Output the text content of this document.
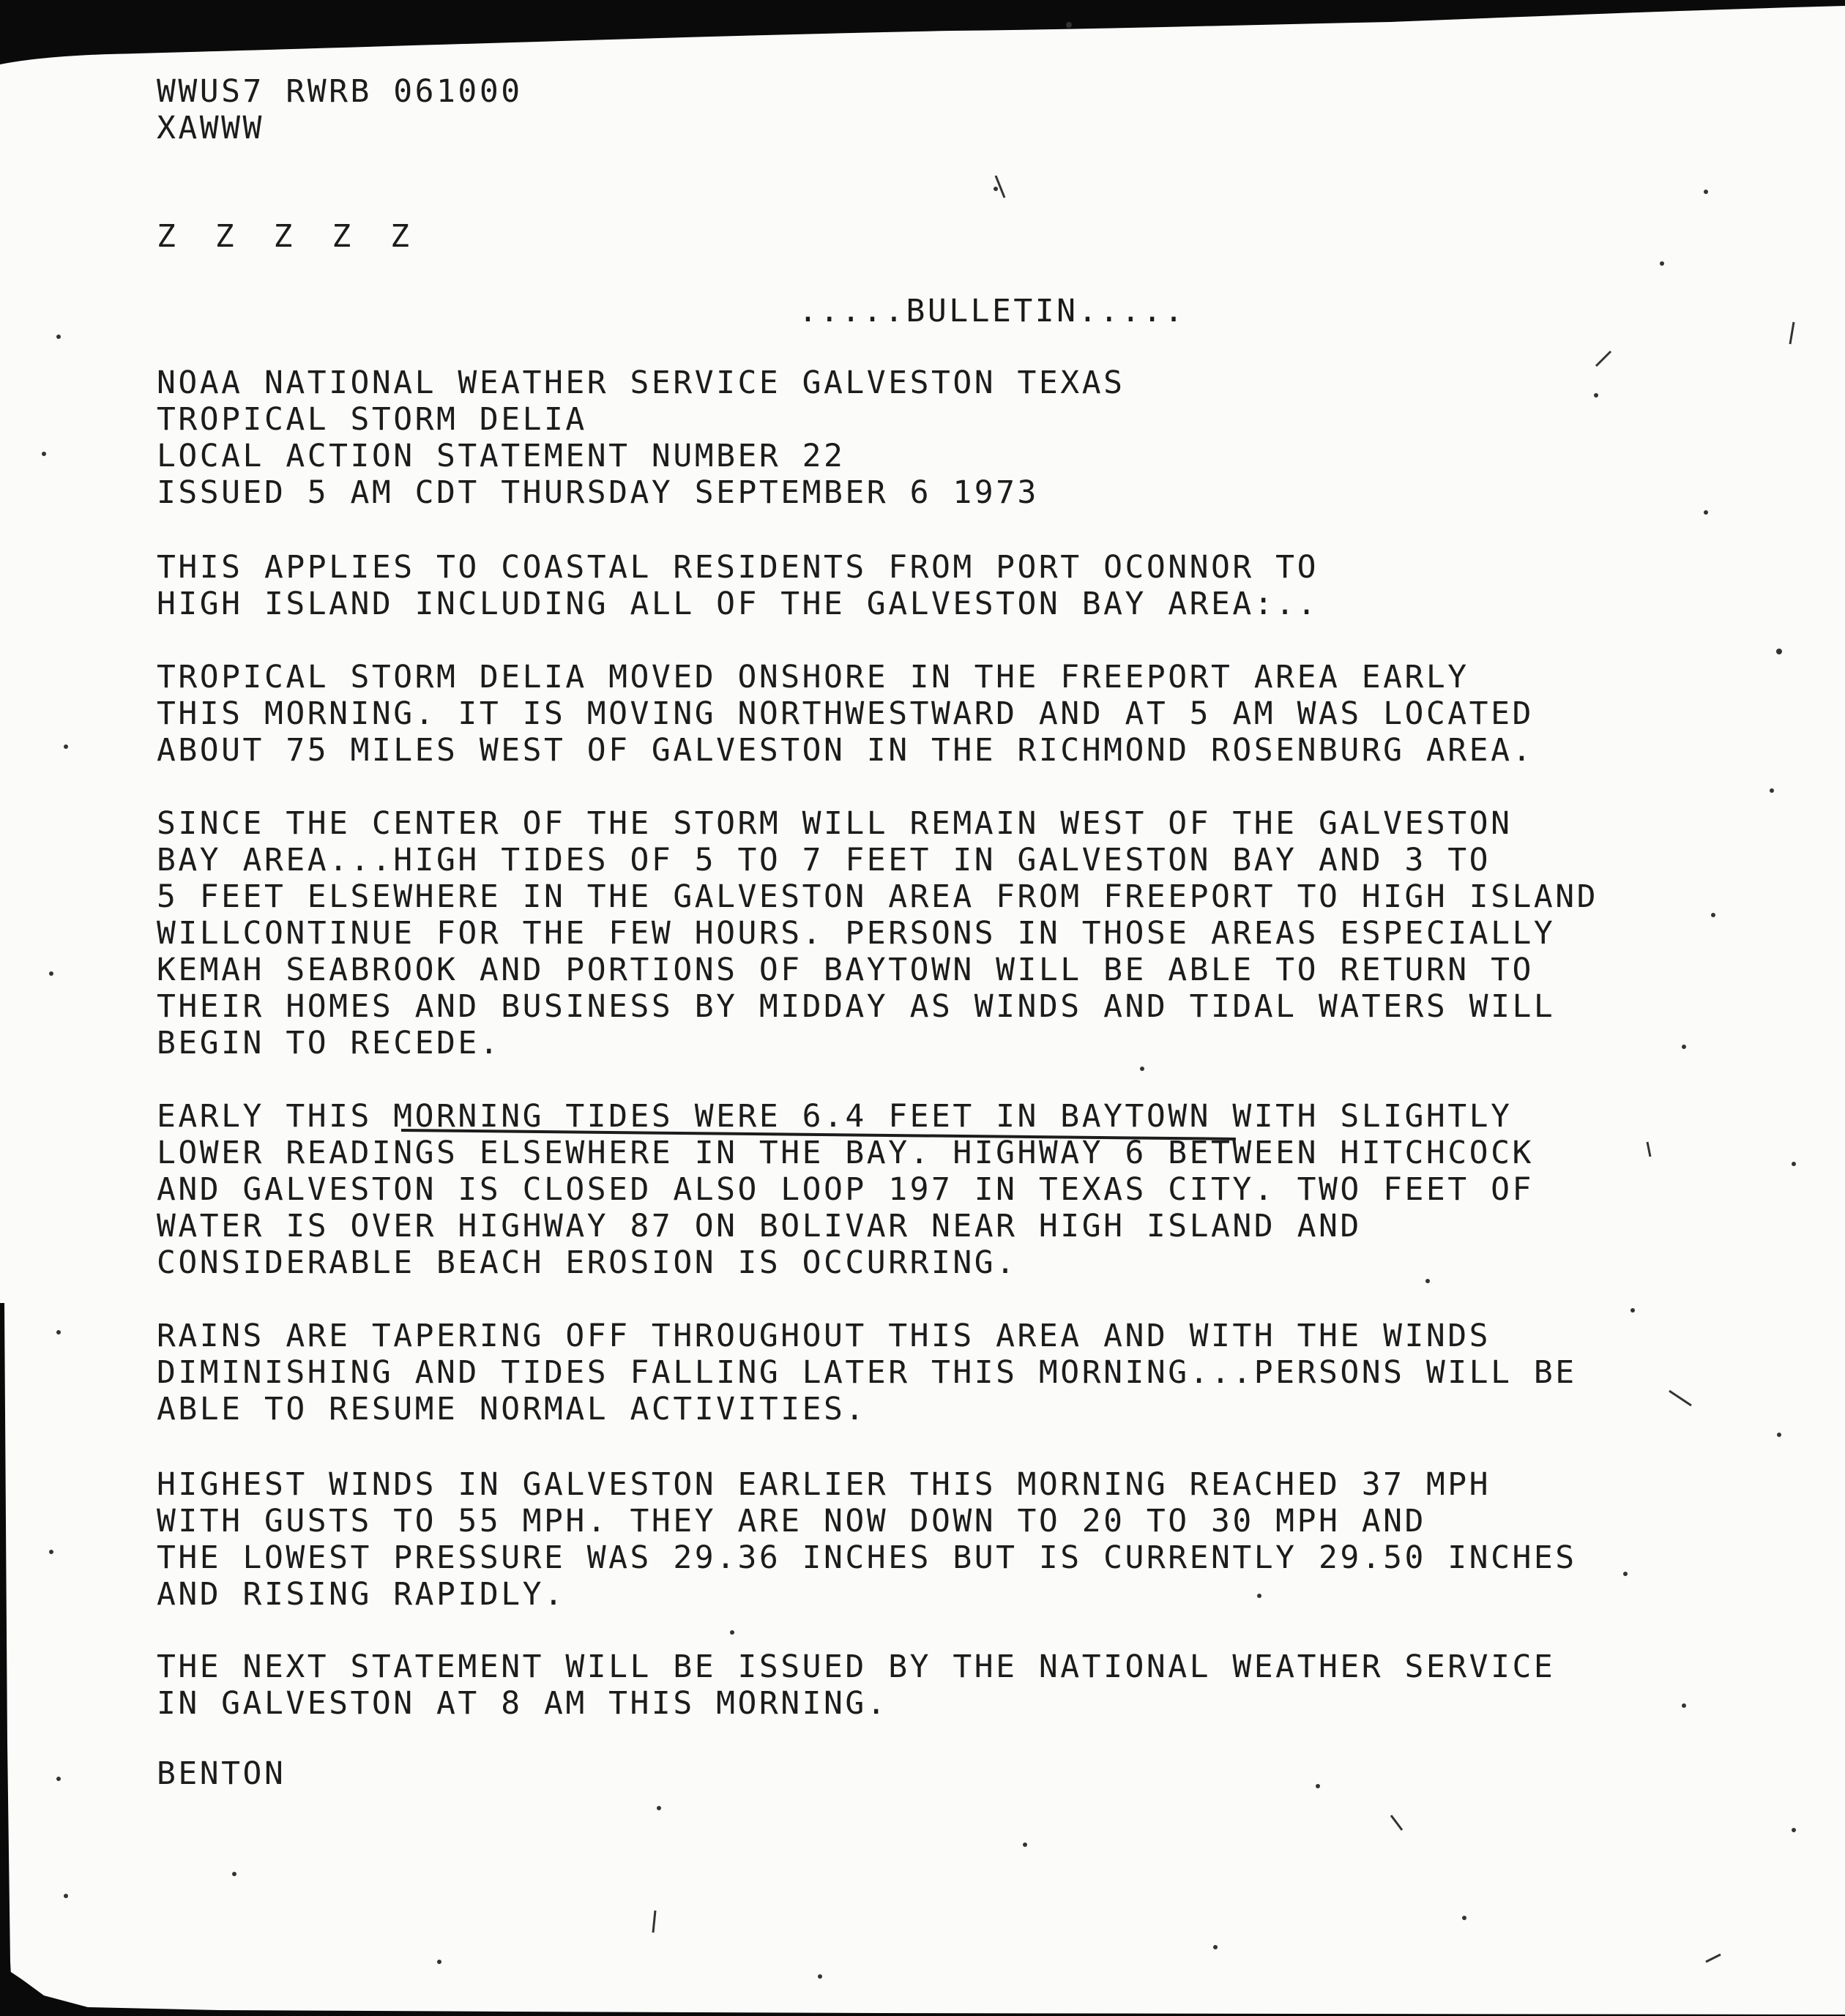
WWUS7 RWRB 061000
XAWWW
Z Z Z Z Z
.....BULLETIN.....
NOAA NATIONAL WEATHER SERVICE GALVESTON TEXAS
TROPICAL STORM DELIA
LOCAL ACTION STATEMENT NUMBER 22
ISSUED 5 AM CDT THURSDAY SEPTEMBER 6 1973
THIS APPLIES TO COASTAL RESIDENTS FROM PORT OCONNOR TO
HIGH ISLAND INCLUDING ALL OF THE GALVESTON BAY AREA:..
TROPICAL STORM DELIA MOVED ONSHORE IN THE FREEPORT AREA EARLY
THIS MORNING. IT IS MOVING NORTHWESTWARD AND AT 5 AM WAS LOCATED
ABOUT 75 MILES WEST OF GALVESTON IN THE RICHMOND ROSENBURG AREA.
SINCE THE CENTER OF THE STORM WILL REMAIN WEST OF THE GALVESTON
BAY AREA...HIGH TIDES OF 5 TO 7 FEET IN GALVESTON BAY AND 3 TO
5 FEET ELSEWHERE IN THE GALVESTON AREA FROM FREEPORT TO HIGH ISLAND
WILLCONTINUE FOR THE FEW HOURS. PERSONS IN THOSE AREAS ESPECIALLY
KEMAH SEABROOK AND PORTIONS OF BAYTOWN WILL BE ABLE TO RETURN TO
THEIR HOMES AND BUSINESS BY MIDDAY AS WINDS AND TIDAL WATERS WILL
BEGIN TO RECEDE.
EARLY THIS MORNING TIDES WERE 6.4 FEET IN BAYTOWN WITH SLIGHTLY
LOWER READINGS ELSEWHERE IN THE BAY. HIGHWAY 6 BETWEEN HITCHCOCK
AND GALVESTON IS CLOSED ALSO LOOP 197 IN TEXAS CITY. TWO FEET OF
WATER IS OVER HIGHWAY 87 ON BOLIVAR NEAR HIGH ISLAND AND
CONSIDERABLE BEACH EROSION IS OCCURRING.
RAINS ARE TAPERING OFF THROUGHOUT THIS AREA AND WITH THE WINDS
DIMINISHING AND TIDES FALLING LATER THIS MORNING...PERSONS WILL BE
ABLE TO RESUME NORMAL ACTIVITIES.
HIGHEST WINDS IN GALVESTON EARLIER THIS MORNING REACHED 37 MPH
WITH GUSTS TO 55 MPH. THEY ARE NOW DOWN TO 20 TO 30 MPH AND
THE LOWEST PRESSURE WAS 29.36 INCHES BUT IS CURRENTLY 29.50 INCHES
AND RISING RAPIDLY.
THE NEXT STATEMENT WILL BE ISSUED BY THE NATIONAL WEATHER SERVICE
IN GALVESTON AT 8 AM THIS MORNING.
BENTON
